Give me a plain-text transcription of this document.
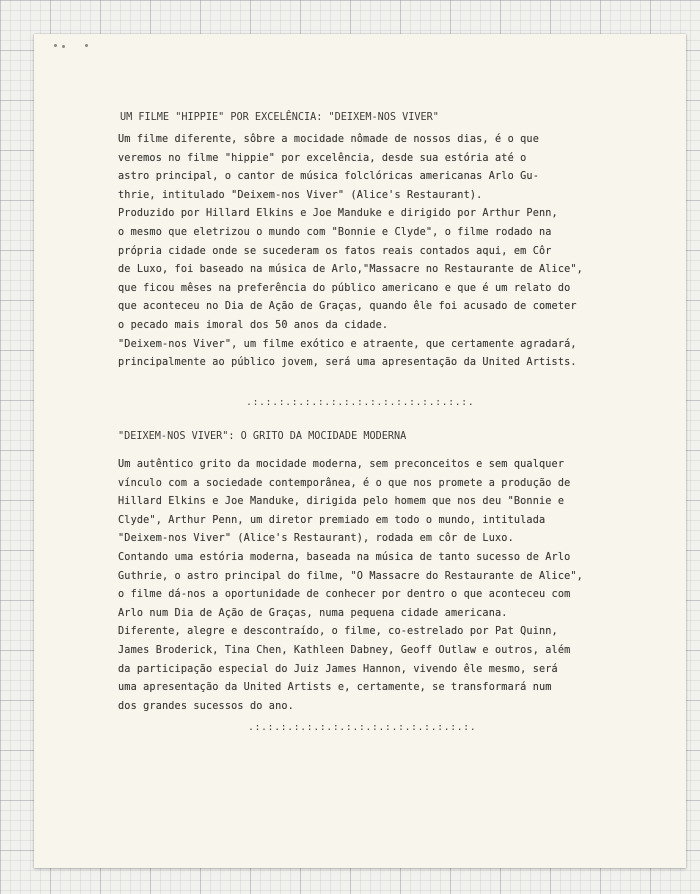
UM FILME "HIPPIE" POR EXCELÊNCIA: "DEIXEM-NOS VIVER"
Um filme diferente, sôbre a mocidade nômade de nossos dias, é o que
veremos no filme "hippie" por excelência, desde sua estória até o
astro principal, o cantor de música folclóricas americanas Arlo Gu-
thrie, intitulado "Deixem-nos Viver" (Alice's Restaurant).
Produzido por Hillard Elkins e Joe Manduke e dirigido por Arthur Penn,
o mesmo que eletrizou o mundo com "Bonnie e Clyde", o filme rodado na
própria cidade onde se sucederam os fatos reais contados aqui, em Côr
de Luxo, foi baseado na música de Arlo,"Massacre no Restaurante de Alice",
que ficou mêses na preferência do público americano e que é um relato do
que aconteceu no Dia de Ação de Graças, quando êle foi acusado de cometer
o pecado mais imoral dos 50 anos da cidade.
"Deixem-nos Viver", um filme exótico e atraente, que certamente agradará,
principalmente ao público jovem, será uma apresentação da United Artists.
.:.:.:.:.:.:.:.:.:.:.:.:.:.:.:.:.:.
"DEIXEM-NOS VIVER": O GRITO DA MOCIDADE MODERNA
Um autêntico grito da mocidade moderna, sem preconceitos e sem qualquer
vínculo com a sociedade contemporânea, é o que nos promete a produção de
Hillard Elkins e Joe Manduke, dirigida pelo homem que nos deu "Bonnie e
Clyde", Arthur Penn, um diretor premiado em todo o mundo, intitulada
"Deixem-nos Viver" (Alice's Restaurant), rodada em côr de Luxo.
Contando uma estória moderna, baseada na música de tanto sucesso de Arlo
Guthrie, o astro principal do filme, "O Massacre do Restaurante de Alice",
o filme dá-nos a oportunidade de conhecer por dentro o que aconteceu com
Arlo num Dia de Ação de Graças, numa pequena cidade americana.
Diferente, alegre e descontraído, o filme, co-estrelado por Pat Quinn,
James Broderick, Tina Chen, Kathleen Dabney, Geoff Outlaw e outros, além
da participação especial do Juiz James Hannon, vivendo êle mesmo, será
uma apresentação da United Artists e, certamente, se transformará num
dos grandes sucessos do ano.
.:.:.:.:.:.:.:.:.:.:.:.:.:.:.:.:.:.
